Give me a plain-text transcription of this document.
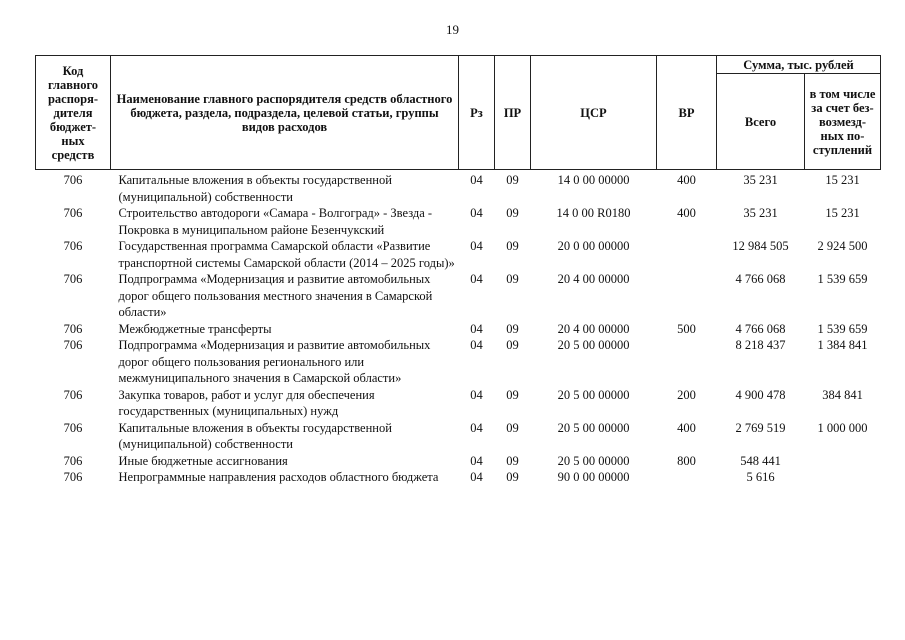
19
Код главного распоря-дителя бюджет-ных средств	Наименование главного распорядителя средств областного бюджета, раздела, подраздела, целевой статьи, группы видов расходов	Рз	ПР	ЦСР	ВР	Сумма, тыс. рублей	
						Всего	в том числе за счет без-возмезд-ных по-ступлений
706	Капитальные вложения в объекты государственной (муниципальной) собственности	04	09	14 0 00 00000	400	35 231	15 231
706	Строительство автодороги «Самара - Волгоград» - Звезда - Покровка в муниципальном районе Безенчукский	04	09	14 0 00 R0180	400	35 231	15 231
706	Государственная программа Самарской области «Развитие транспортной системы Самарской области (2014 – 2025 годы)»	04	09	20 0 00 00000		12 984 505	2 924 500
706	Подпрограмма «Модернизация и развитие автомобильных дорог общего пользования местного значения в Самарской области»	04	09	20 4 00 00000		4 766 068	1 539 659
706	Межбюджетные трансферты	04	09	20 4 00 00000	500	4 766 068	1 539 659
706	Подпрограмма «Модернизация и развитие автомобильных дорог общего пользования регионального или межмуниципального значения в Самарской области»	04	09	20 5 00 00000		8 218 437	1 384 841
706	Закупка товаров, работ и услуг для обеспечения государственных (муниципальных) нужд	04	09	20 5 00 00000	200	4 900 478	384 841
706	Капитальные вложения в объекты государственной (муниципальной) собственности	04	09	20 5 00 00000	400	2 769 519	1 000 000
706	Иные бюджетные ассигнования	04	09	20 5 00 00000	800	548 441	
706	Непрограммные направления расходов областного бюджета	04	09	90 0 00 00000		5 616	
